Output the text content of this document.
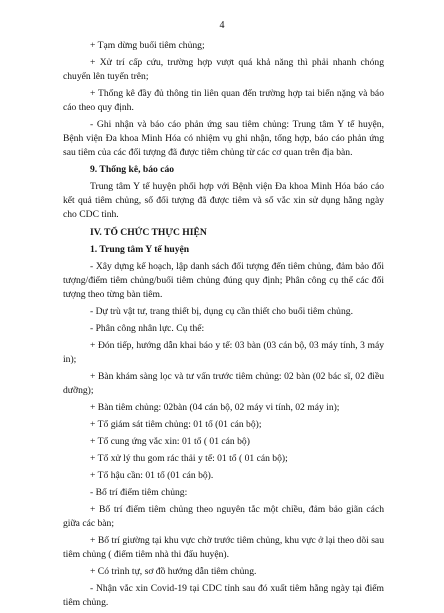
4

+ Tạm dừng buổi tiêm chủng;

+ Xử trí cấp cứu, trường hợp vượt quá khả năng thì phải nhanh chóng chuyển lên tuyến trên;

+ Thống kê đầy đủ thông tin liên quan đến trường hợp tai biến nặng và báo cáo theo quy định.

- Ghi nhận và báo cáo phản ứng sau tiêm chủng: Trung tâm Y tế huyện, Bệnh viện Đa khoa Minh Hóa có nhiệm vụ ghi nhận, tổng hợp, báo cáo phản ứng sau tiêm của các đối tượng đã được tiêm chủng từ các cơ quan trên địa bàn.

9. Thống kê, báo cáo

Trung tâm Y tế huyện phối hợp với Bệnh viện Đa khoa Minh Hóa báo cáo kết quả tiêm chủng, số đối tượng đã được tiêm và số vắc xin sử dụng hằng ngày cho CDC tỉnh.

IV. TỔ CHỨC THỰC HIỆN

1. Trung tâm Y tế huyện

- Xây dựng kế hoạch, lập danh sách đối tượng đến tiêm chủng, đảm bảo đối tượng/điểm tiêm chủng/buổi tiêm chủng đúng quy định; Phân công cụ thể các đối tượng theo từng bàn tiêm.

- Dự trù vật tư, trang thiết bị, dụng cụ cần thiết cho buổi tiêm chủng.

- Phân công nhân lực. Cụ thể:

+ Đón tiếp, hướng dẫn khai báo y tế: 03 bàn (03 cán bộ, 03 máy tính, 3 máy in);

+ Bàn khám sàng lọc và tư vấn trước tiêm chủng: 02 bàn (02 bác sĩ, 02 điều dưỡng);

+ Bàn tiêm chủng: 02bàn (04 cán bộ, 02 máy vi tính, 02 máy in);

+ Tổ giám sát tiêm chủng: 01 tổ (01 cán bộ);

+ Tổ cung ứng vắc xin: 01 tổ ( 01 cán bộ)

+ Tổ xử lý thu gom rác thải y tế: 01 tổ ( 01 cán bộ);

+ Tổ hậu cần: 01 tổ (01 cán bộ).

- Bố trí điểm tiêm chủng:

+ Bố trí điểm tiêm chủng theo nguyên tắc một chiều, đảm bảo giãn cách giữa các bàn;

+ Bố trí giường tại khu vực chờ trước tiêm chủng, khu vực ở lại theo dõi sau tiêm chủng ( điểm tiêm nhà thi đấu huyện).

+ Có trình tự, sơ đồ hướng dẫn tiêm chủng.

- Nhận vắc xin Covid-19 tại CDC tỉnh sau đó xuất tiêm hằng ngày tại điểm tiêm chủng.
